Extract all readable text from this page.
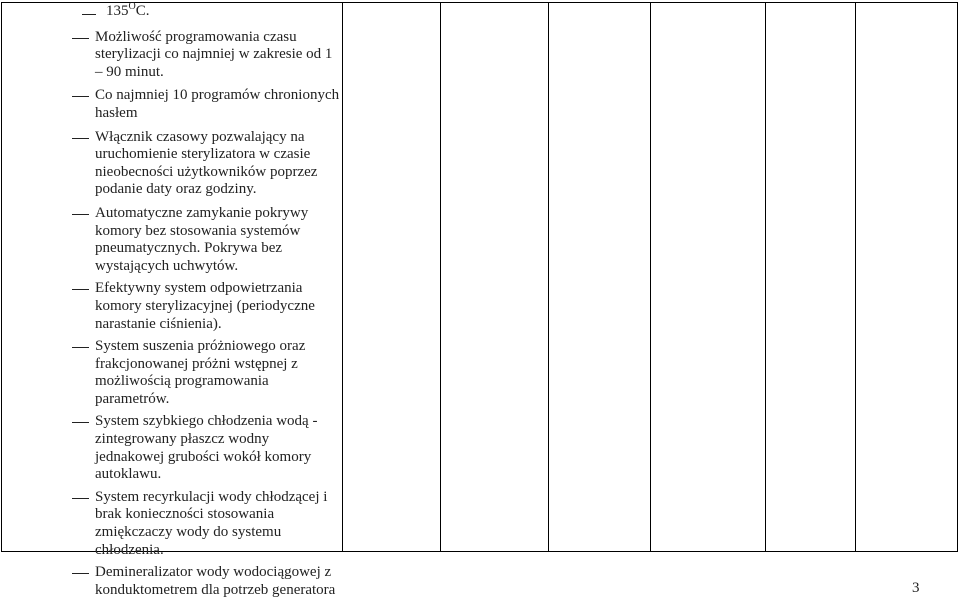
$135^OC$.
Możliwość programowania czasu sterylizacji co najmniej w zakresie od 1 – 90 minut.
Co najmniej 10 programów chronionych hasłem
Włącznik czasowy pozwalający na uruchomienie sterylizatora w czasie nieobecności użytkowników poprzez podanie daty oraz godziny.
Automatyczne zamykanie pokrywy komory bez stosowania systemów pneumatycznych. Pokrywa bez wystających uchwytów.
Efektywny system odpowietrzania komory sterylizacyjnej (periodyczne narastanie ciśnienia).
System suszenia próżniowego oraz frakcjonowanej próżni wstępnej z możliwością programowania parametrów.
System szybkiego chłodzenia wodą - zintegrowany płaszcz wodny jednakowej grubości wokół komory autoklawu.
System recyrkulacji wody chłodzącej i brak konieczności stosowania zmiękczaczy wody do systemu chłodzenia.
Demineralizator wody wodociągowej z konduktometrem dla potrzeb generatora	3
